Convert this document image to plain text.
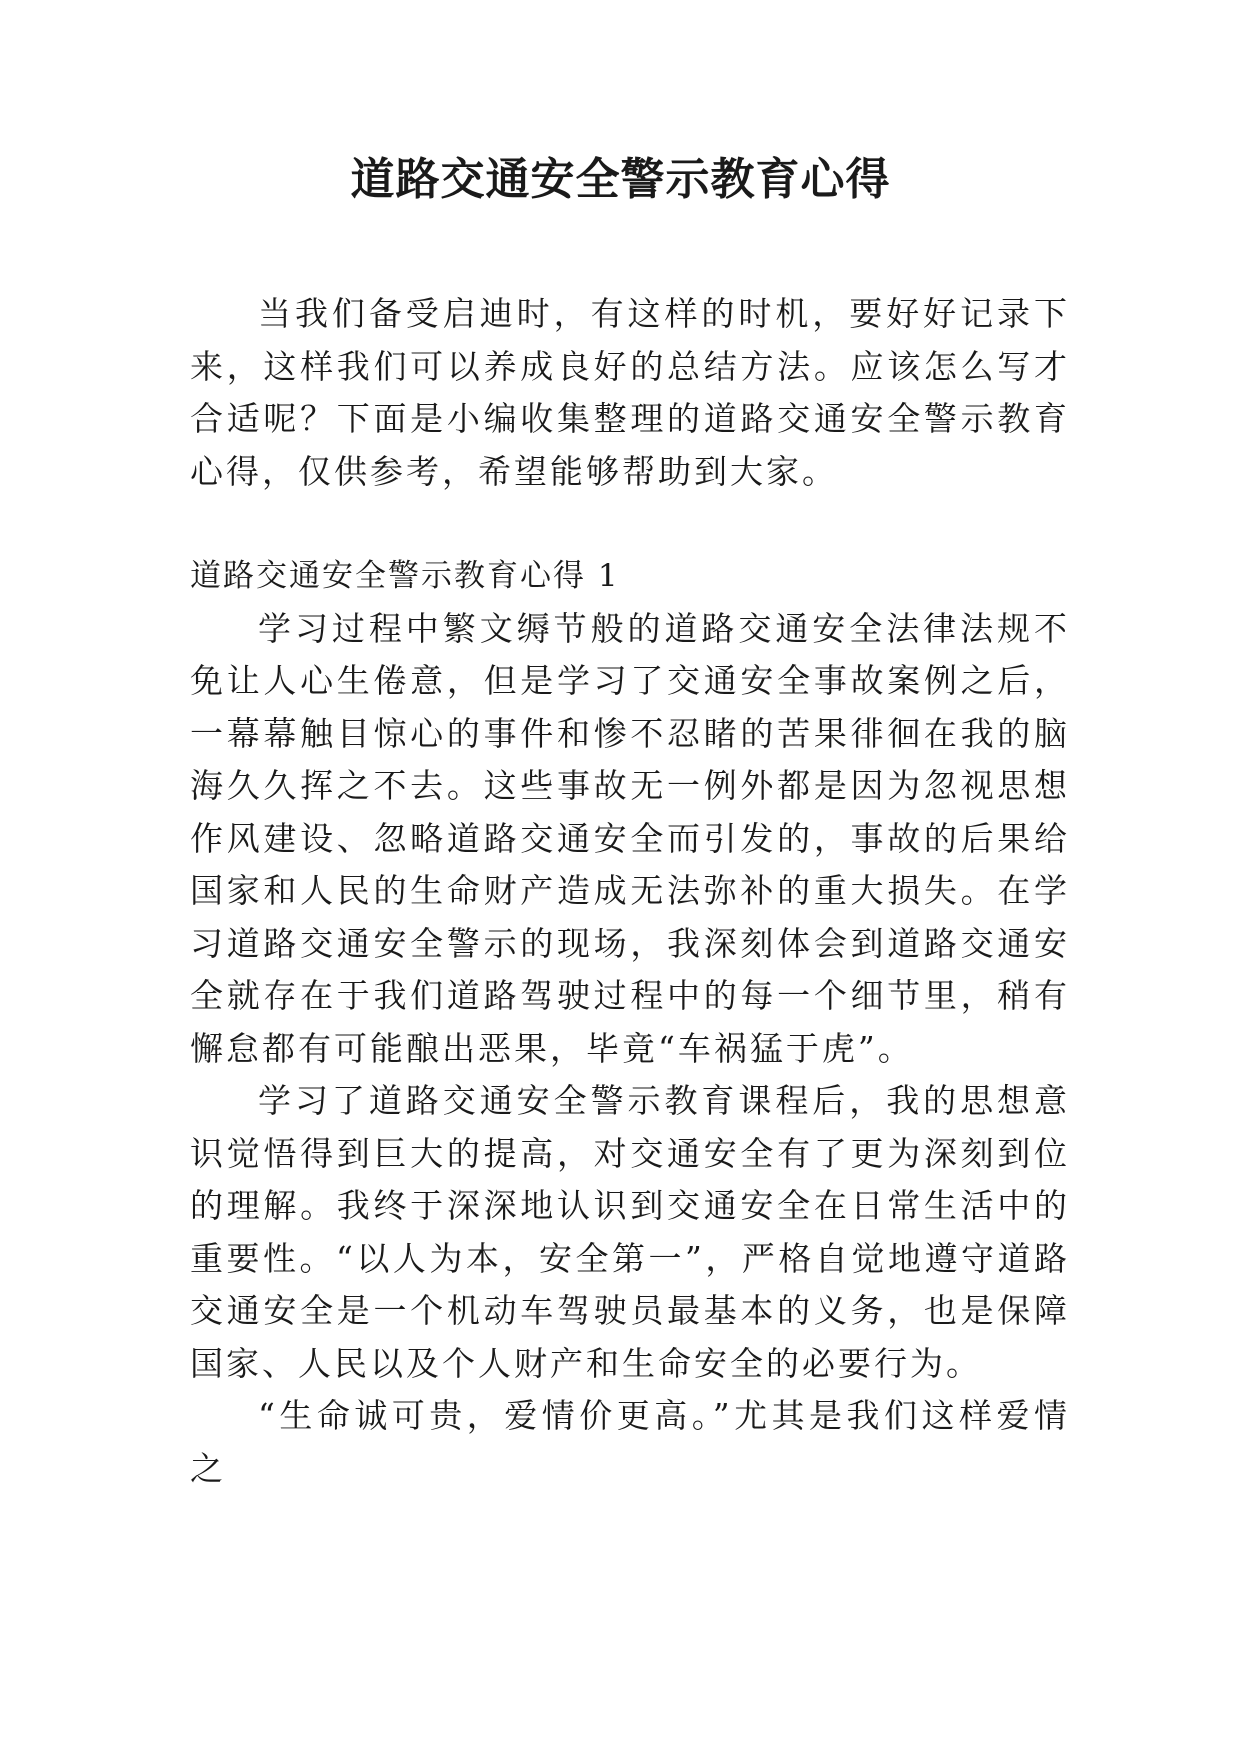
道路交通安全警示教育心得

当我们备受启迪时，有这样的时机，要好好记录下来，这样我们可以养成良好的总结方法。应该怎么写才合适呢？下面是小编收集整理的道路交通安全警示教育心得，仅供参考，希望能够帮助到大家。

道路交通安全警示教育心得 1

学习过程中繁文缛节般的道路交通安全法律法规不免让人心生倦意，但是学习了交通安全事故案例之后，一幕幕触目惊心的事件和惨不忍睹的苦果徘徊在我的脑海久久挥之不去。这些事故无一例外都是因为忽视思想作风建设、忽略道路交通安全而引发的，事故的后果给国家和人民的生命财产造成无法弥补的重大损失。在学习道路交通安全警示的现场，我深刻体会到道路交通安全就存在于我们道路驾驶过程中的每一个细节里，稍有懈怠都有可能酿出恶果，毕竟“车祸猛于虎”。

学习了道路交通安全警示教育课程后，我的思想意识觉悟得到巨大的提高，对交通安全有了更为深刻到位的理解。我终于深深地认识到交通安全在日常生活中的重要性。“以人为本，安全第一”，严格自觉地遵守道路交通安全是一个机动车驾驶员最基本的义务，也是保障国家、人民以及个人财产和生命安全的必要行为。

“生命诚可贵，爱情价更高。”尤其是我们这样爱情之
